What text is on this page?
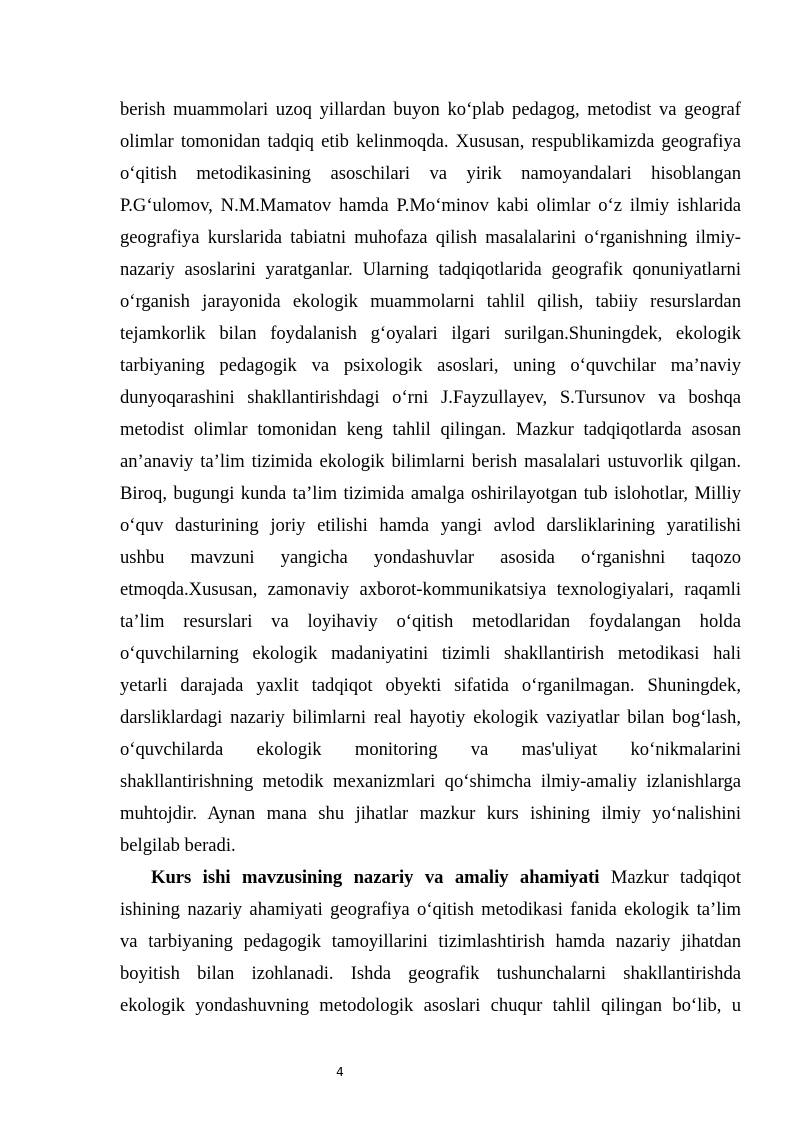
berish muammolari uzoq yillardan buyon koʻplab pedagog, metodist va geograf
olimlar tomonidan tadqiq etib kelinmoqda. Xususan, respublikamizda geografiya
oʻqitish metodikasining asoschilari va yirik namoyandalari hisoblangan
P.Gʻulomov, N.M.Mamatov hamda P.Moʻminov kabi olimlar oʻz ilmiy ishlarida
geografiya kurslarida tabiatni muhofaza qilish masalalarini oʻrganishning ilmiy-
nazariy asoslarini yaratganlar. Ularning tadqiqotlarida geografik qonuniyatlarni
oʻrganish jarayonida ekologik muammolarni tahlil qilish, tabiiy resurslardan
tejamkorlik bilan foydalanish gʻoyalari ilgari surilgan.Shuningdek, ekologik
tarbiyaning pedagogik va psixologik asoslari, uning oʻquvchilar maʼnaviy
dunyoqarashini shakllantirishdagi oʻrni J.Fayzullayev, S.Tursunov va boshqa
metodist olimlar tomonidan keng tahlil qilingan. Mazkur tadqiqotlarda asosan
anʼanaviy taʼlim tizimida ekologik bilimlarni berish masalalari ustuvorlik qilgan.
Biroq, bugungi kunda taʼlim tizimida amalga oshirilayotgan tub islohotlar, Milliy
oʻquv dasturining joriy etilishi hamda yangi avlod darsliklarining yaratilishi
ushbu mavzuni yangicha yondashuvlar asosida oʻrganishni taqozo
etmoqda.Xususan, zamonaviy axborot-kommunikatsiya texnologiyalari, raqamli
taʼlim resurslari va loyihaviy oʻqitish metodlaridan foydalangan holda
oʻquvchilarning ekologik madaniyatini tizimli shakllantirish metodikasi hali
yetarli darajada yaxlit tadqiqot obyekti sifatida oʻrganilmagan. Shuningdek,
darsliklardagi nazariy bilimlarni real hayotiy ekologik vaziyatlar bilan bogʻlash,
oʻquvchilarda ekologik monitoring va mas'uliyat koʻnikmalarini
shakllantirishning metodik mexanizmlari qoʻshimcha ilmiy-amaliy izlanishlarga
muhtojdir. Aynan mana shu jihatlar mazkur kurs ishining ilmiy yoʻnalishini
belgilab beradi.
Kurs ishi mavzusining nazariy va amaliy ahamiyati Mazkur tadqiqot
ishining nazariy ahamiyati geografiya oʻqitish metodikasi fanida ekologik taʼlim
va tarbiyaning pedagogik tamoyillarini tizimlashtirish hamda nazariy jihatdan
boyitish bilan izohlanadi. Ishda geografik tushunchalarni shakllantirishda
ekologik yondashuvning metodologik asoslari chuqur tahlil qilingan boʻlib, u
4
